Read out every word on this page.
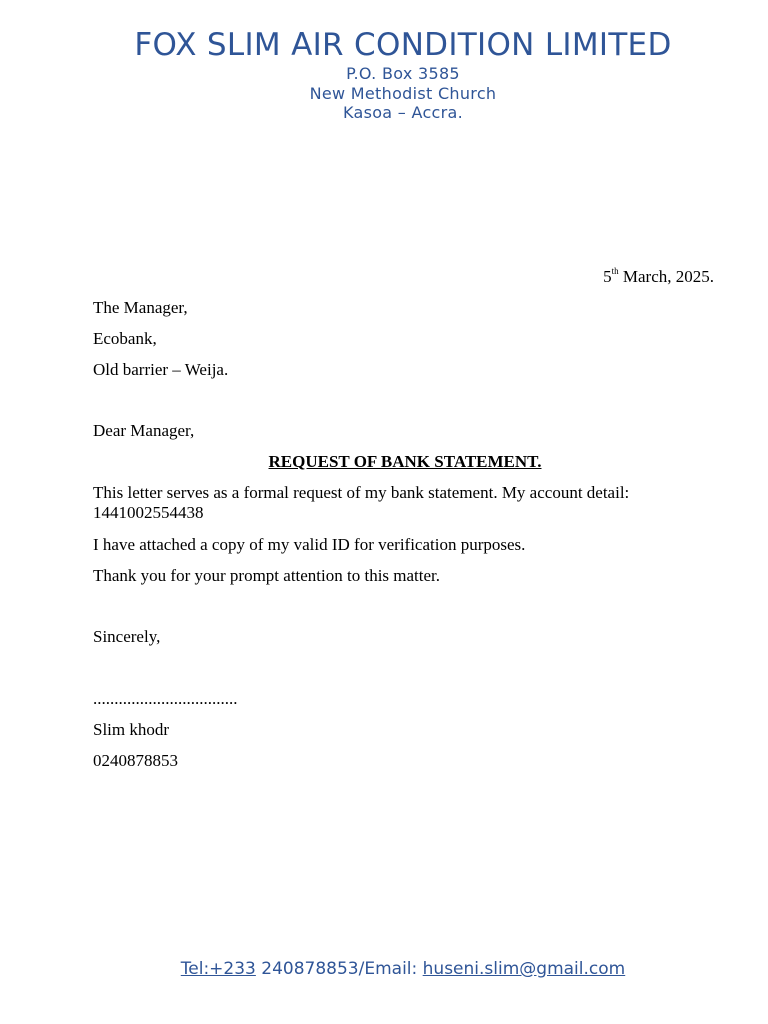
FOX SLIM AIR CONDITION LIMITED
P.O. Box 3585
New Methodist Church
Kasoa – Accra.
5th March, 2025.
The Manager,
Ecobank,
Old barrier – Weija.
Dear Manager,
REQUEST OF BANK STATEMENT.
This letter serves as a formal request of my bank statement. My account detail:
1441002554438
I have attached a copy of my valid ID for verification purposes.
Thank you for your prompt attention to this matter.
Sincerely,
..................................
Slim khodr
0240878853
Tel:+233 240878853/Email: huseni.slim@gmail.com
